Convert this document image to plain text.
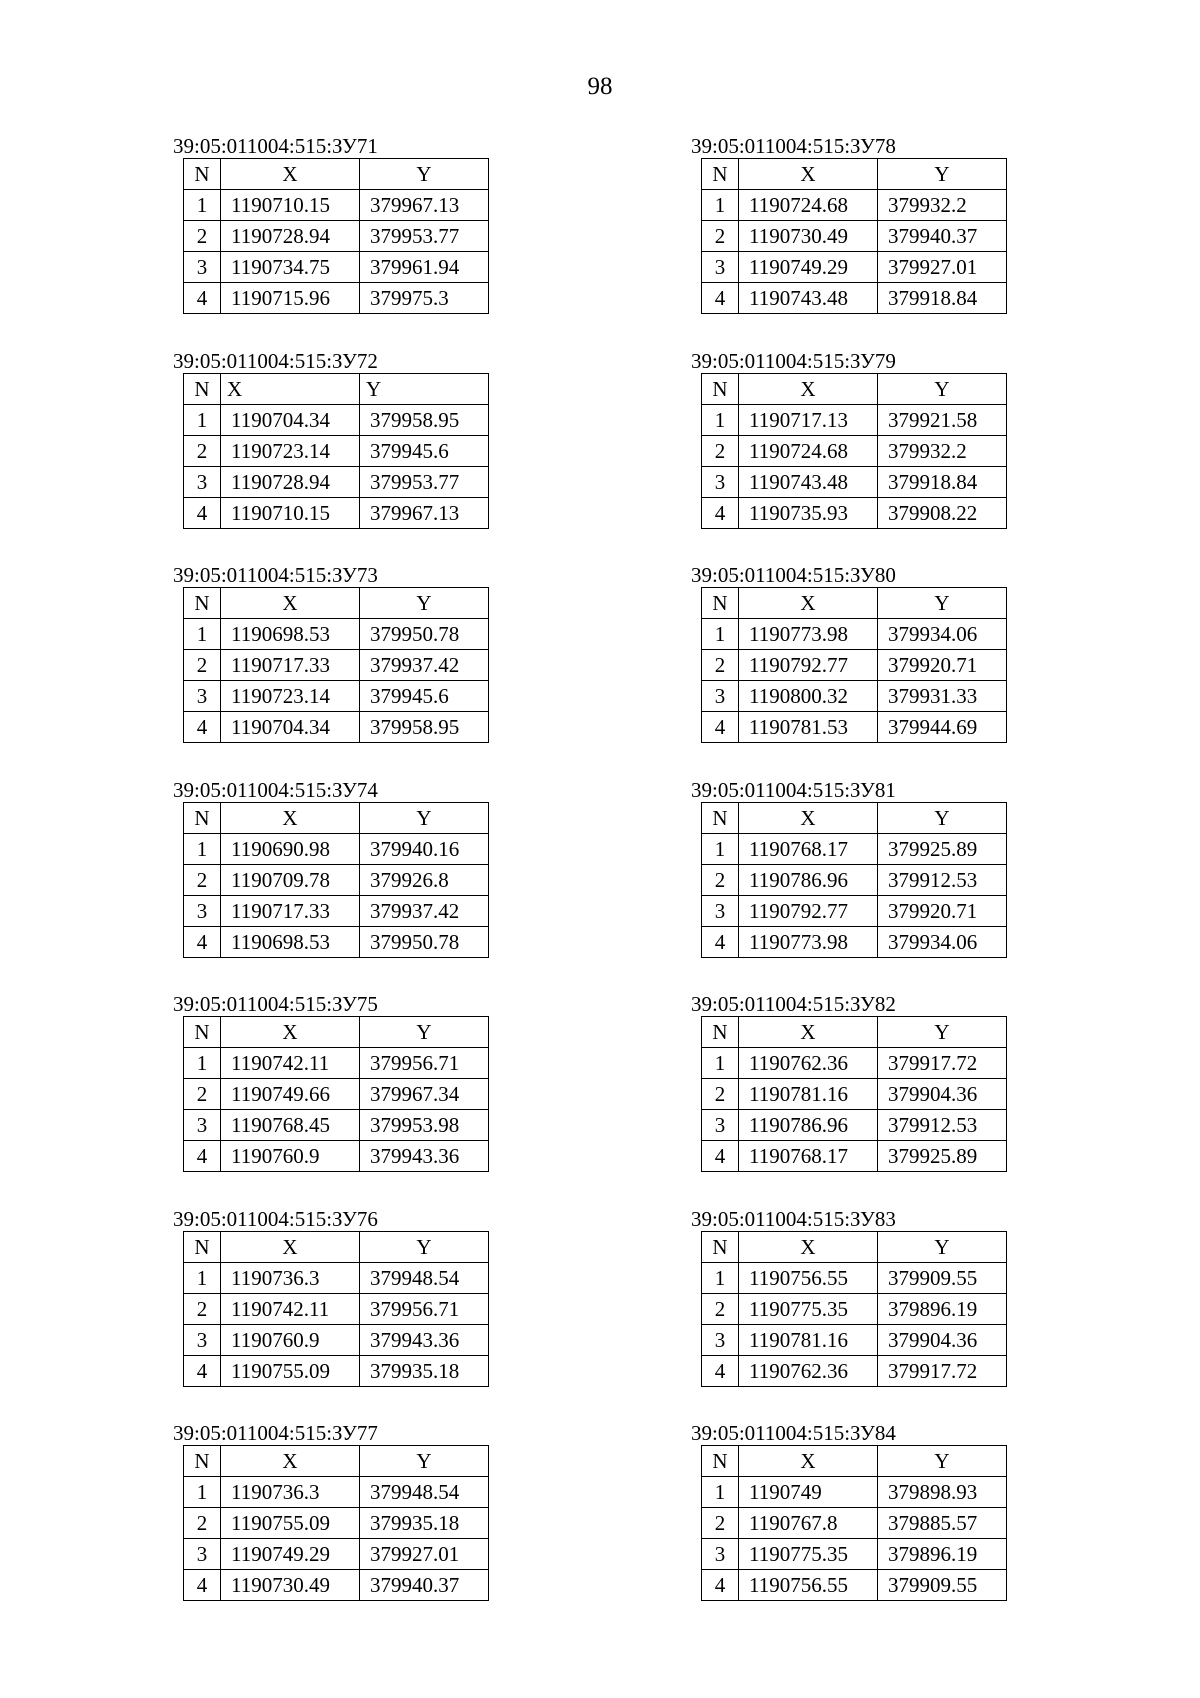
98
39:05:011004:515:ЗУ71
N	X	Y
1	1190710.15	379967.13
2	1190728.94	379953.77
3	1190734.75	379961.94
4	1190715.96	379975.3
39:05:011004:515:ЗУ72
N	X	Y
1	1190704.34	379958.95
2	1190723.14	379945.6
3	1190728.94	379953.77
4	1190710.15	379967.13
39:05:011004:515:ЗУ73
N	X	Y
1	1190698.53	379950.78
2	1190717.33	379937.42
3	1190723.14	379945.6
4	1190704.34	379958.95
39:05:011004:515:ЗУ74
N	X	Y
1	1190690.98	379940.16
2	1190709.78	379926.8
3	1190717.33	379937.42
4	1190698.53	379950.78
39:05:011004:515:ЗУ75
N	X	Y
1	1190742.11	379956.71
2	1190749.66	379967.34
3	1190768.45	379953.98
4	1190760.9	379943.36
39:05:011004:515:ЗУ76
N	X	Y
1	1190736.3	379948.54
2	1190742.11	379956.71
3	1190760.9	379943.36
4	1190755.09	379935.18
39:05:011004:515:ЗУ77
N	X	Y
1	1190736.3	379948.54
2	1190755.09	379935.18
3	1190749.29	379927.01
4	1190730.49	379940.37
39:05:011004:515:ЗУ78
N	X	Y
1	1190724.68	379932.2
2	1190730.49	379940.37
3	1190749.29	379927.01
4	1190743.48	379918.84
39:05:011004:515:ЗУ79
N	X	Y
1	1190717.13	379921.58
2	1190724.68	379932.2
3	1190743.48	379918.84
4	1190735.93	379908.22
39:05:011004:515:ЗУ80
N	X	Y
1	1190773.98	379934.06
2	1190792.77	379920.71
3	1190800.32	379931.33
4	1190781.53	379944.69
39:05:011004:515:ЗУ81
N	X	Y
1	1190768.17	379925.89
2	1190786.96	379912.53
3	1190792.77	379920.71
4	1190773.98	379934.06
39:05:011004:515:ЗУ82
N	X	Y
1	1190762.36	379917.72
2	1190781.16	379904.36
3	1190786.96	379912.53
4	1190768.17	379925.89
39:05:011004:515:ЗУ83
N	X	Y
1	1190756.55	379909.55
2	1190775.35	379896.19
3	1190781.16	379904.36
4	1190762.36	379917.72
39:05:011004:515:ЗУ84
N	X	Y
1	1190749	379898.93
2	1190767.8	379885.57
3	1190775.35	379896.19
4	1190756.55	379909.55
